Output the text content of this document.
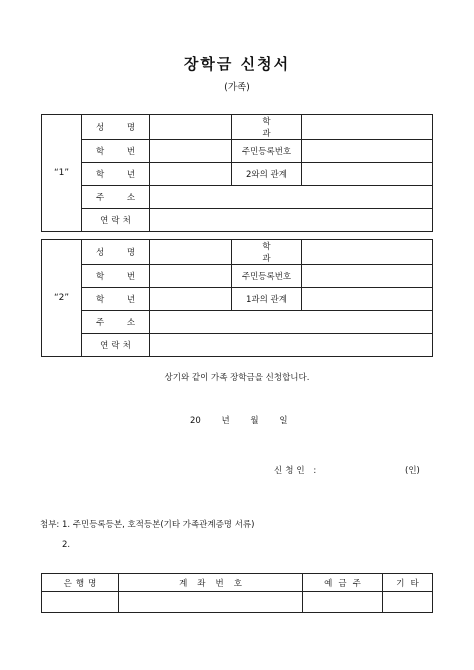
장학금 신청서
(가족)
“1”	성 명		학 과	
	학 번		주민등록번호	
	학 년		2와의 관계	
	주 소			
	연락처			
“2”	성 명		학 과	
	학 번		주민등록번호	
	학 년		1과의 관계	
	주 소			
	연락처			
상기와 같이 가족 장학금을 신청합니다.
20 년 월 일
신청인 :	(인)
첨부: 1. 주민등록등본, 호적등본(기타 가족관계증명 서류)
2.
은행명	계좌번호	예금주	기타
